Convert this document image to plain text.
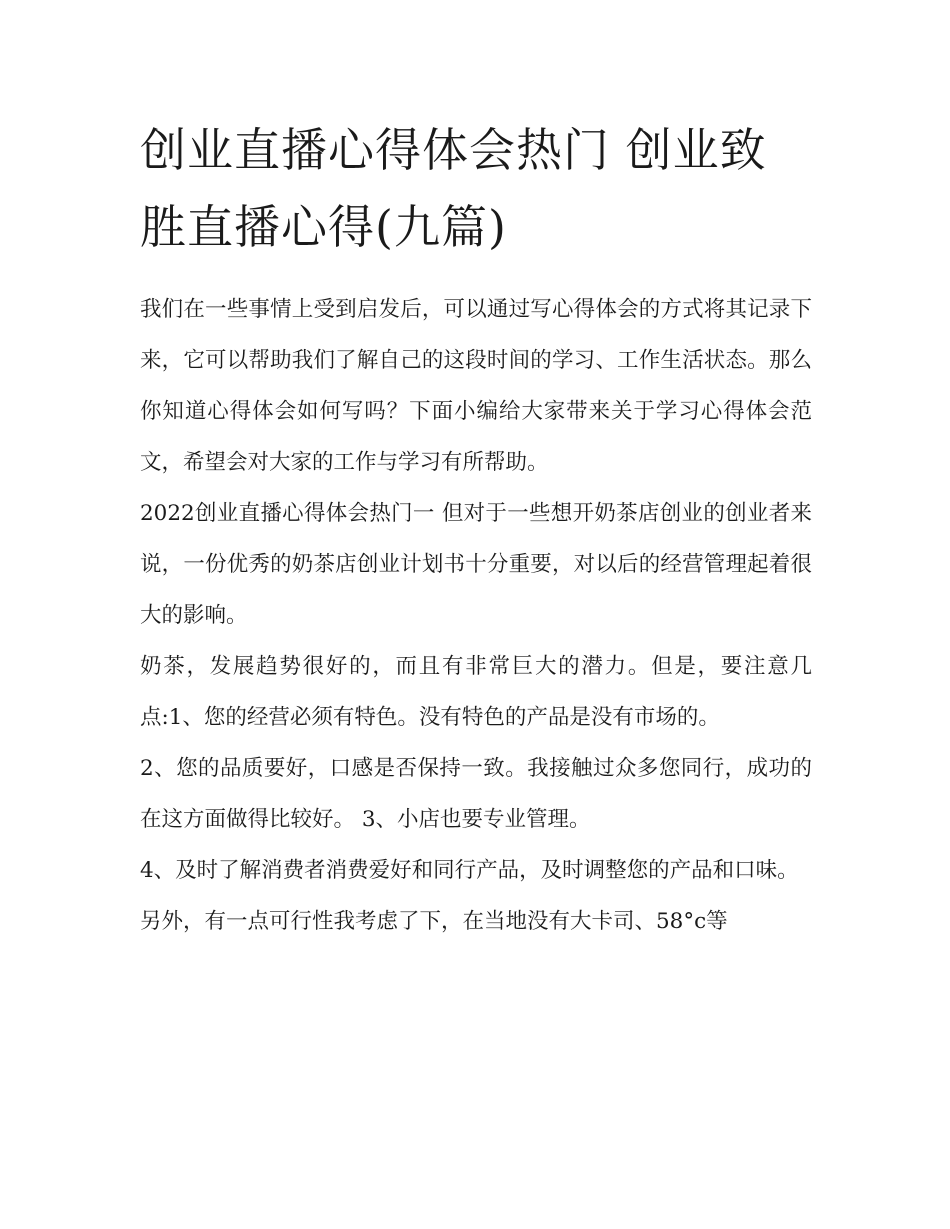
创业直播心得体会热门 创业致胜直播心得(九篇)

我们在一些事情上受到启发后，可以通过写心得体会的方式将其记录下来，它可以帮助我们了解自己的这段时间的学习、工作生活状态。那么你知道心得体会如何写吗？下面小编给大家带来关于学习心得体会范文，希望会对大家的工作与学习有所帮助。

2022创业直播心得体会热门一 但对于一些想开奶茶店创业的创业者来说，一份优秀的奶茶店创业计划书十分重要，对以后的经营管理起着很大的影响。

奶茶，发展趋势很好的，而且有非常巨大的潜力。但是，要注意几点:1、您的经营必须有特色。没有特色的产品是没有市场的。

2、您的品质要好，口感是否保持一致。我接触过众多您同行，成功的在这方面做得比较好。 3、小店也要专业管理。

4、及时了解消费者消费爱好和同行产品，及时调整您的产品和口味。

另外，有一点可行性我考虑了下，在当地没有大卡司、58°c等
